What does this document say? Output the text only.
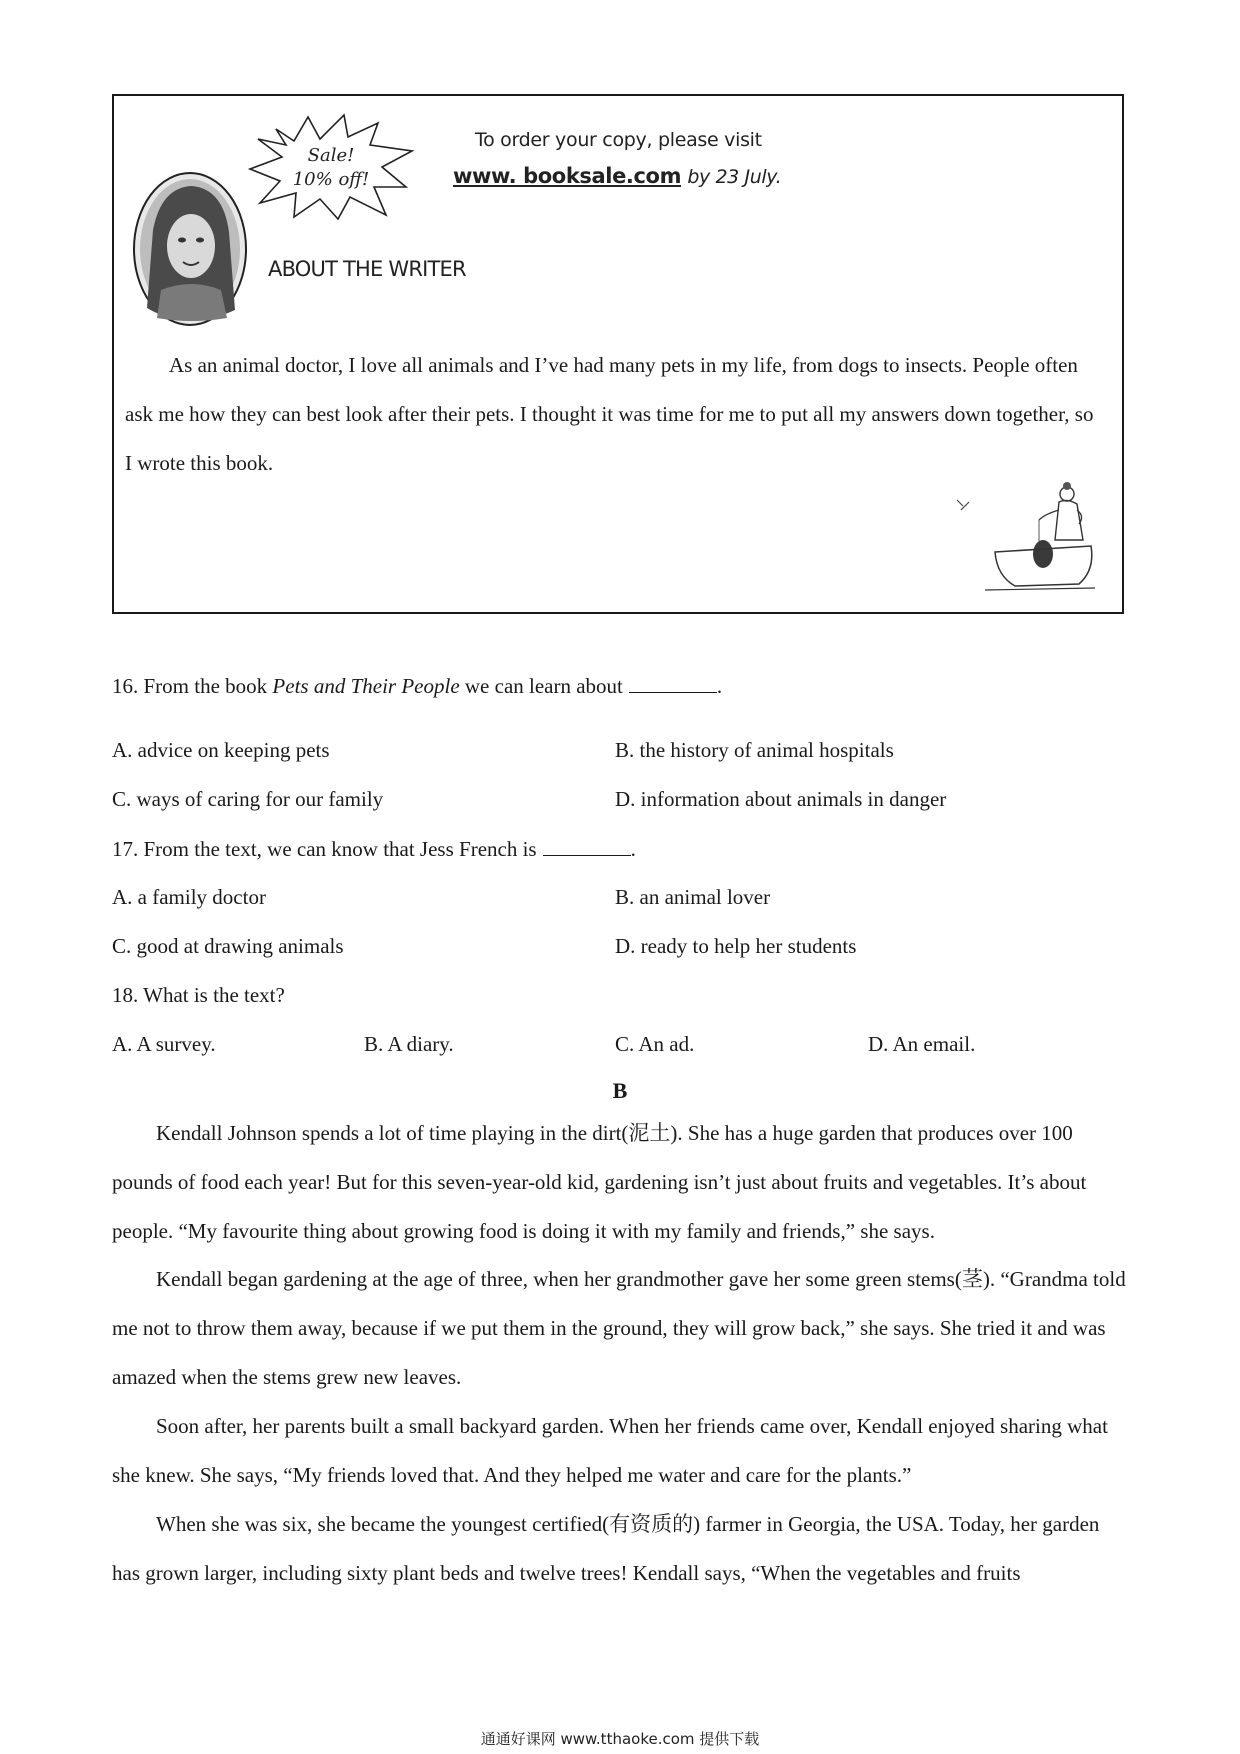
Sale!
10% off!
To order your copy, please visit
www. booksale.com by 23 July.
ABOUT THE WRITER

As an animal doctor, I love all animals and I’ve had many pets in my life, from dogs to insects. People often ask me how they can best look after their pets. I thought it was time for me to put all my answers down together, so I wrote this book.

16. From the book Pets and Their People we can learn about	.
A. advice on keeping pets	B. the history of animal hospitals
C. ways of caring for our family	D. information about animals in danger
17. From the text, we can know that Jess French is	.
A. a family doctor	B. an animal lover
C. good at drawing animals	D. ready to help her students
18. What is the text?
A. A survey.	B. A diary.	C. An ad.	D. An email.
B

Kendall Johnson spends a lot of time playing in the dirt(泥土). She has a huge garden that produces over 100 pounds of food each year! But for this seven-year-old kid, gardening isn’t just about fruits and vegetables. It’s about people. “My favourite thing about growing food is doing it with my family and friends,” she says.

Kendall began gardening at the age of three, when her grandmother gave her some green stems(茎). “Grandma told me not to throw them away, because if we put them in the ground, they will grow back,” she says. She tried it and was amazed when the stems grew new leaves.

Soon after, her parents built a small backyard garden. When her friends came over, Kendall enjoyed sharing what she knew. She says, “My friends loved that. And they helped me water and care for the plants.”

When she was six, she became the youngest certified(有资质的) farmer in Georgia, the USA. Today, her garden has grown larger, including sixty plant beds and twelve trees! Kendall says, “When the vegetables and fruits

通通好课网 www.tthaoke.com 提供下载
